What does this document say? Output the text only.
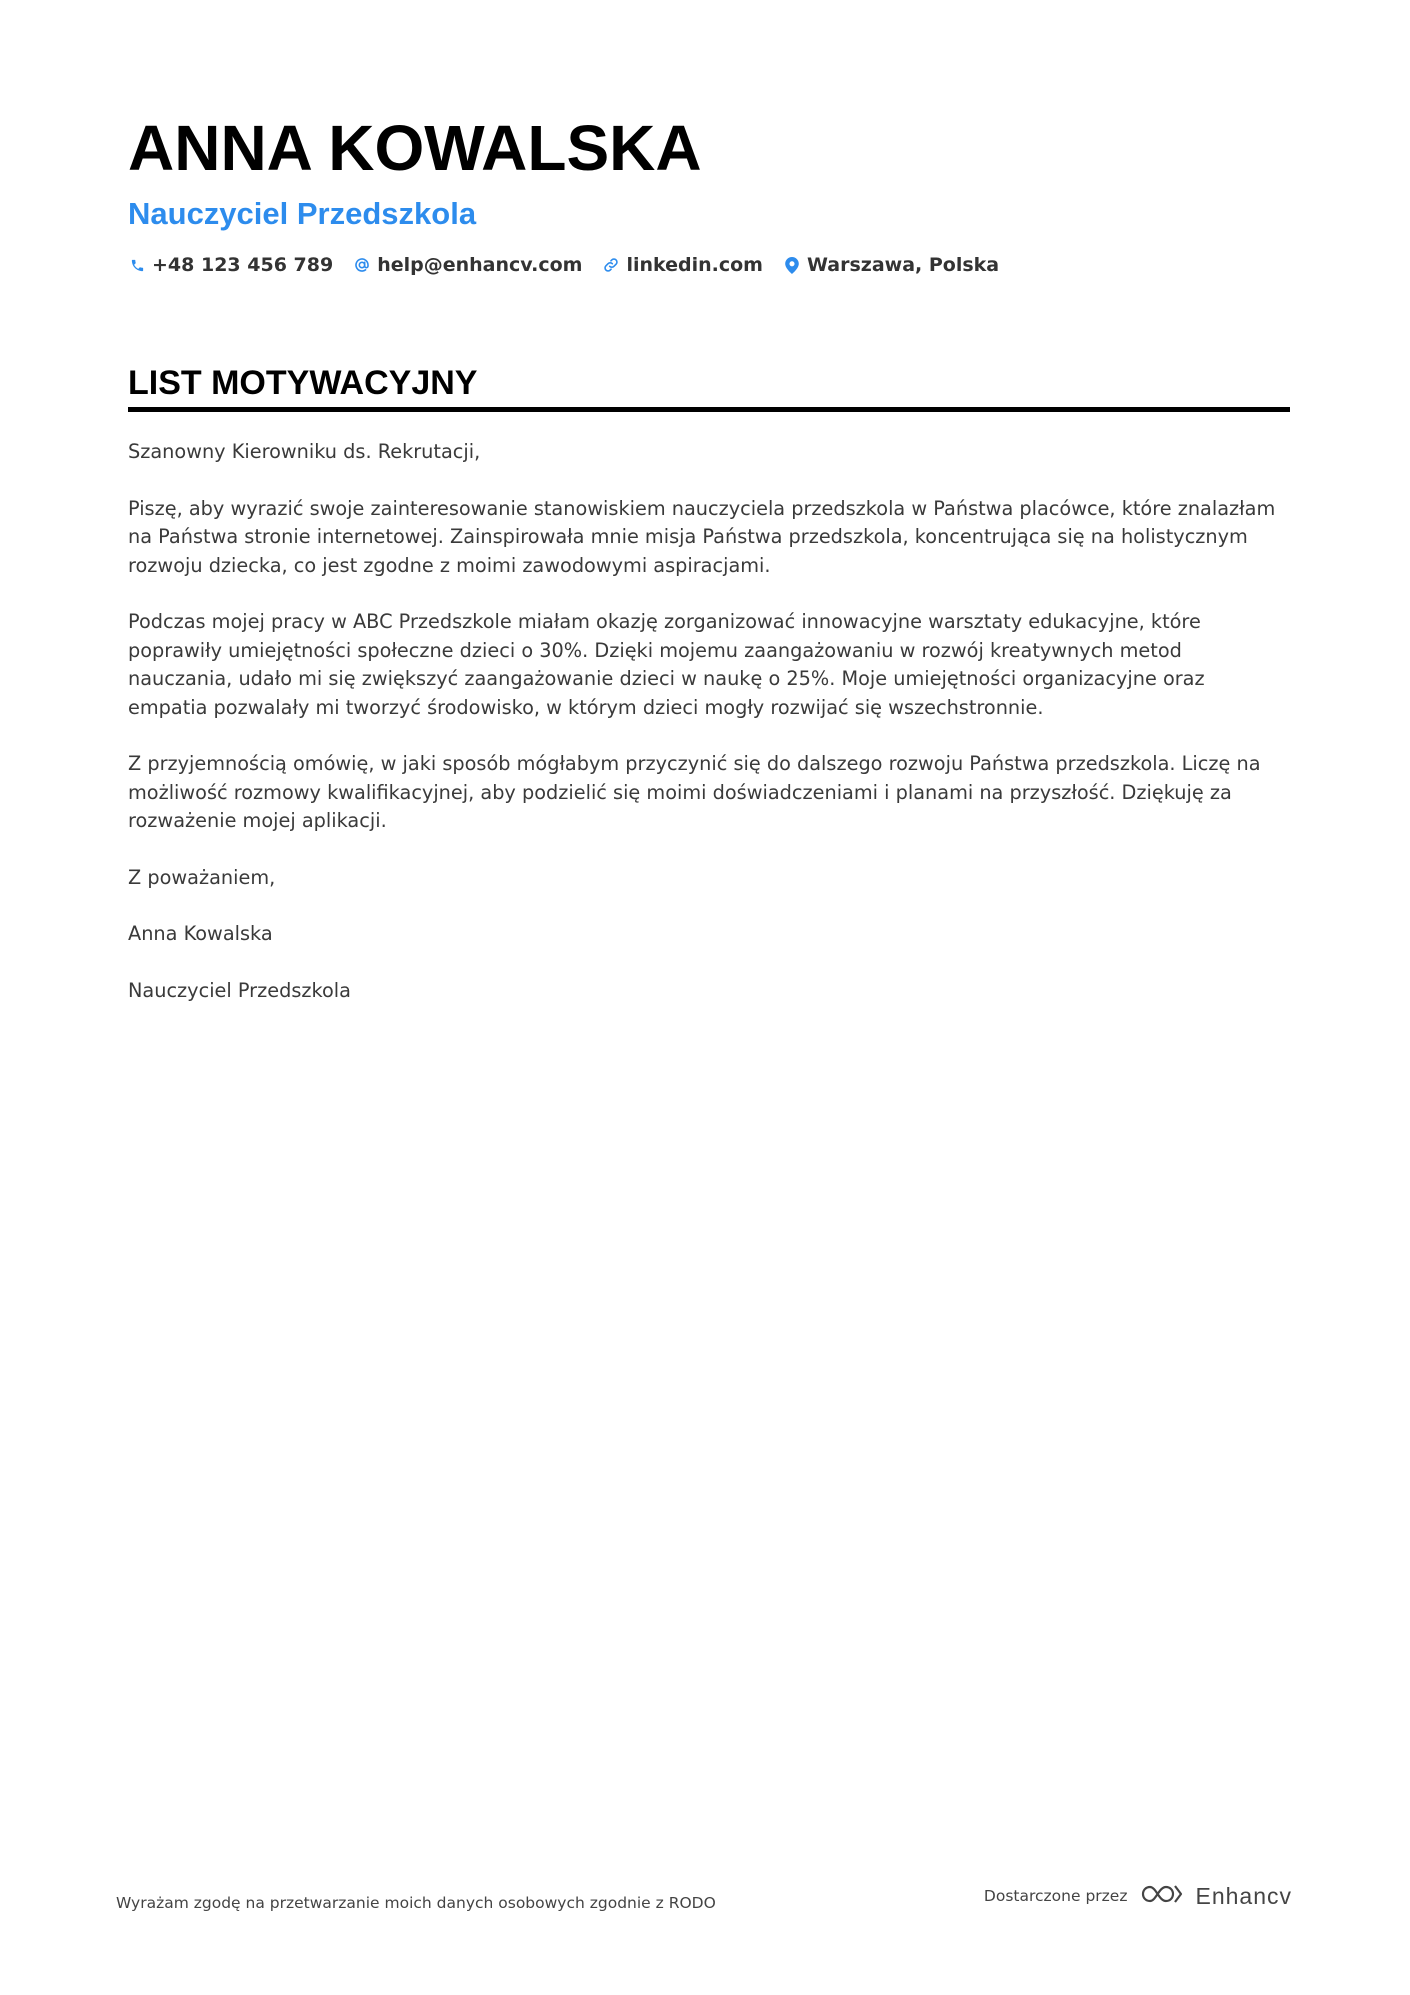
ANNA KOWALSKA
Nauczyciel Przedszkola
+48 123 456 789 help@enhancv.com linkedin.com Warszawa, Polska
LIST MOTYWACYJNY

Szanowny Kierowniku ds. Rekrutacji,

Piszę, aby wyrazić swoje zainteresowanie stanowiskiem nauczyciela przedszkola w Państwa placówce, które znalazłam na Państwa stronie internetowej. Zainspirowała mnie misja Państwa przedszkola, koncentrująca się na holistycznym rozwoju dziecka, co jest zgodne z moimi zawodowymi aspiracjami.

Podczas mojej pracy w ABC Przedszkole miałam okazję zorganizować innowacyjne warsztaty edukacyjne, które poprawiły umiejętności społeczne dzieci o 30%. Dzięki mojemu zaangażowaniu w rozwój kreatywnych metod nauczania, udało mi się zwiększyć zaangażowanie dzieci w naukę o 25%. Moje umiejętności organizacyjne oraz empatia pozwalały mi tworzyć środowisko, w którym dzieci mogły rozwijać się wszechstronnie.

Z przyjemnością omówię, w jaki sposób mógłabym przyczynić się do dalszego rozwoju Państwa przedszkola. Liczę na możliwość rozmowy kwalifikacyjnej, aby podzielić się moimi doświadczeniami i planami na przyszłość. Dziękuję za rozważenie mojej aplikacji.

Z poważaniem,

Anna Kowalska

Nauczyciel Przedszkola

Wyrażam zgodę na przetwarzanie moich danych osobowych zgodnie z RODO	Dostarczone przez	Enhancv
